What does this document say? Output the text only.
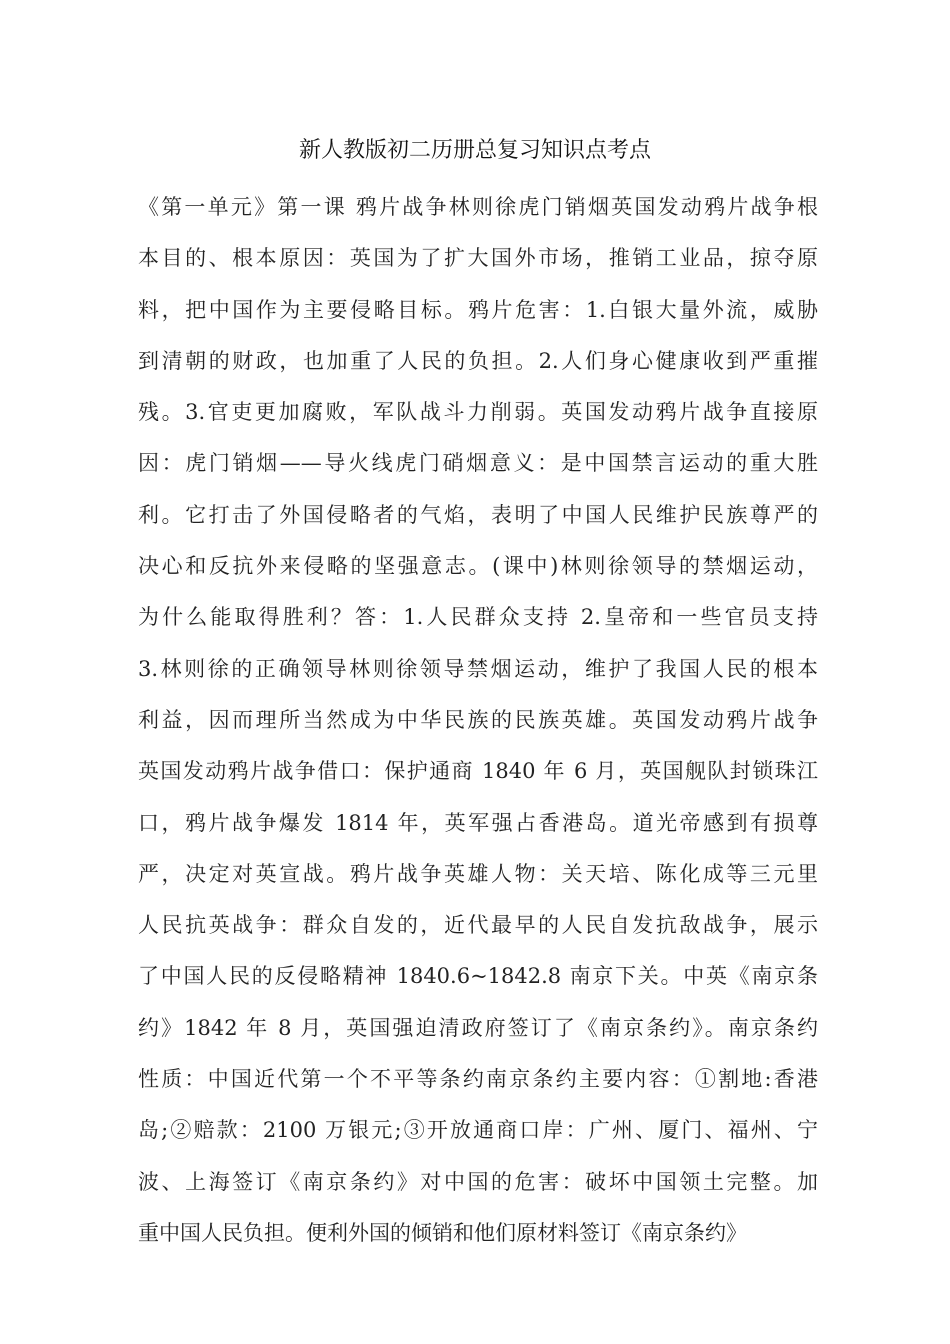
新人教版初二历册总复习知识点考点
《第一单元》第一课 鸦片战争林则徐虎门销烟英国发动鸦片战争根
本目的、根本原因：英国为了扩大国外市场，推销工业品，掠夺原
料，把中国作为主要侵略目标。鸦片危害：1.白银大量外流，威胁
到清朝的财政，也加重了人民的负担。2.人们身心健康收到严重摧
残。3.官吏更加腐败，军队战斗力削弱。英国发动鸦片战争直接原
因：虎门销烟——导火线虎门硝烟意义：是中国禁言运动的重大胜
利。它打击了外国侵略者的气焰，表明了中国人民维护民族尊严的
决心和反抗外来侵略的坚强意志。(课中)林则徐领导的禁烟运动，
为什么能取得胜利？答：1.人民群众支持 2.皇帝和一些官员支持
3.林则徐的正确领导林则徐领导禁烟运动，维护了我国人民的根本
利益，因而理所当然成为中华民族的民族英雄。英国发动鸦片战争
英国发动鸦片战争借口：保护通商 1840 年 6 月，英国舰队封锁珠江
口，鸦片战争爆发 1814 年，英军强占香港岛。道光帝感到有损尊
严，决定对英宣战。鸦片战争英雄人物：关天培、陈化成等三元里
人民抗英战争：群众自发的，近代最早的人民自发抗敌战争，展示
了中国人民的反侵略精神 1840.6~1842.8 南京下关。中英《南京条
约》1842 年 8 月，英国强迫清政府签订了《南京条约》。南京条约
性质：中国近代第一个不平等条约南京条约主要内容：①割地:香港
岛;②赔款：2100 万银元;③开放通商口岸：广州、厦门、福州、宁
波、上海签订《南京条约》对中国的危害：破坏中国领土完整。加
重中国人民负担。便利外国的倾销和他们原材料签订《南京条约》
